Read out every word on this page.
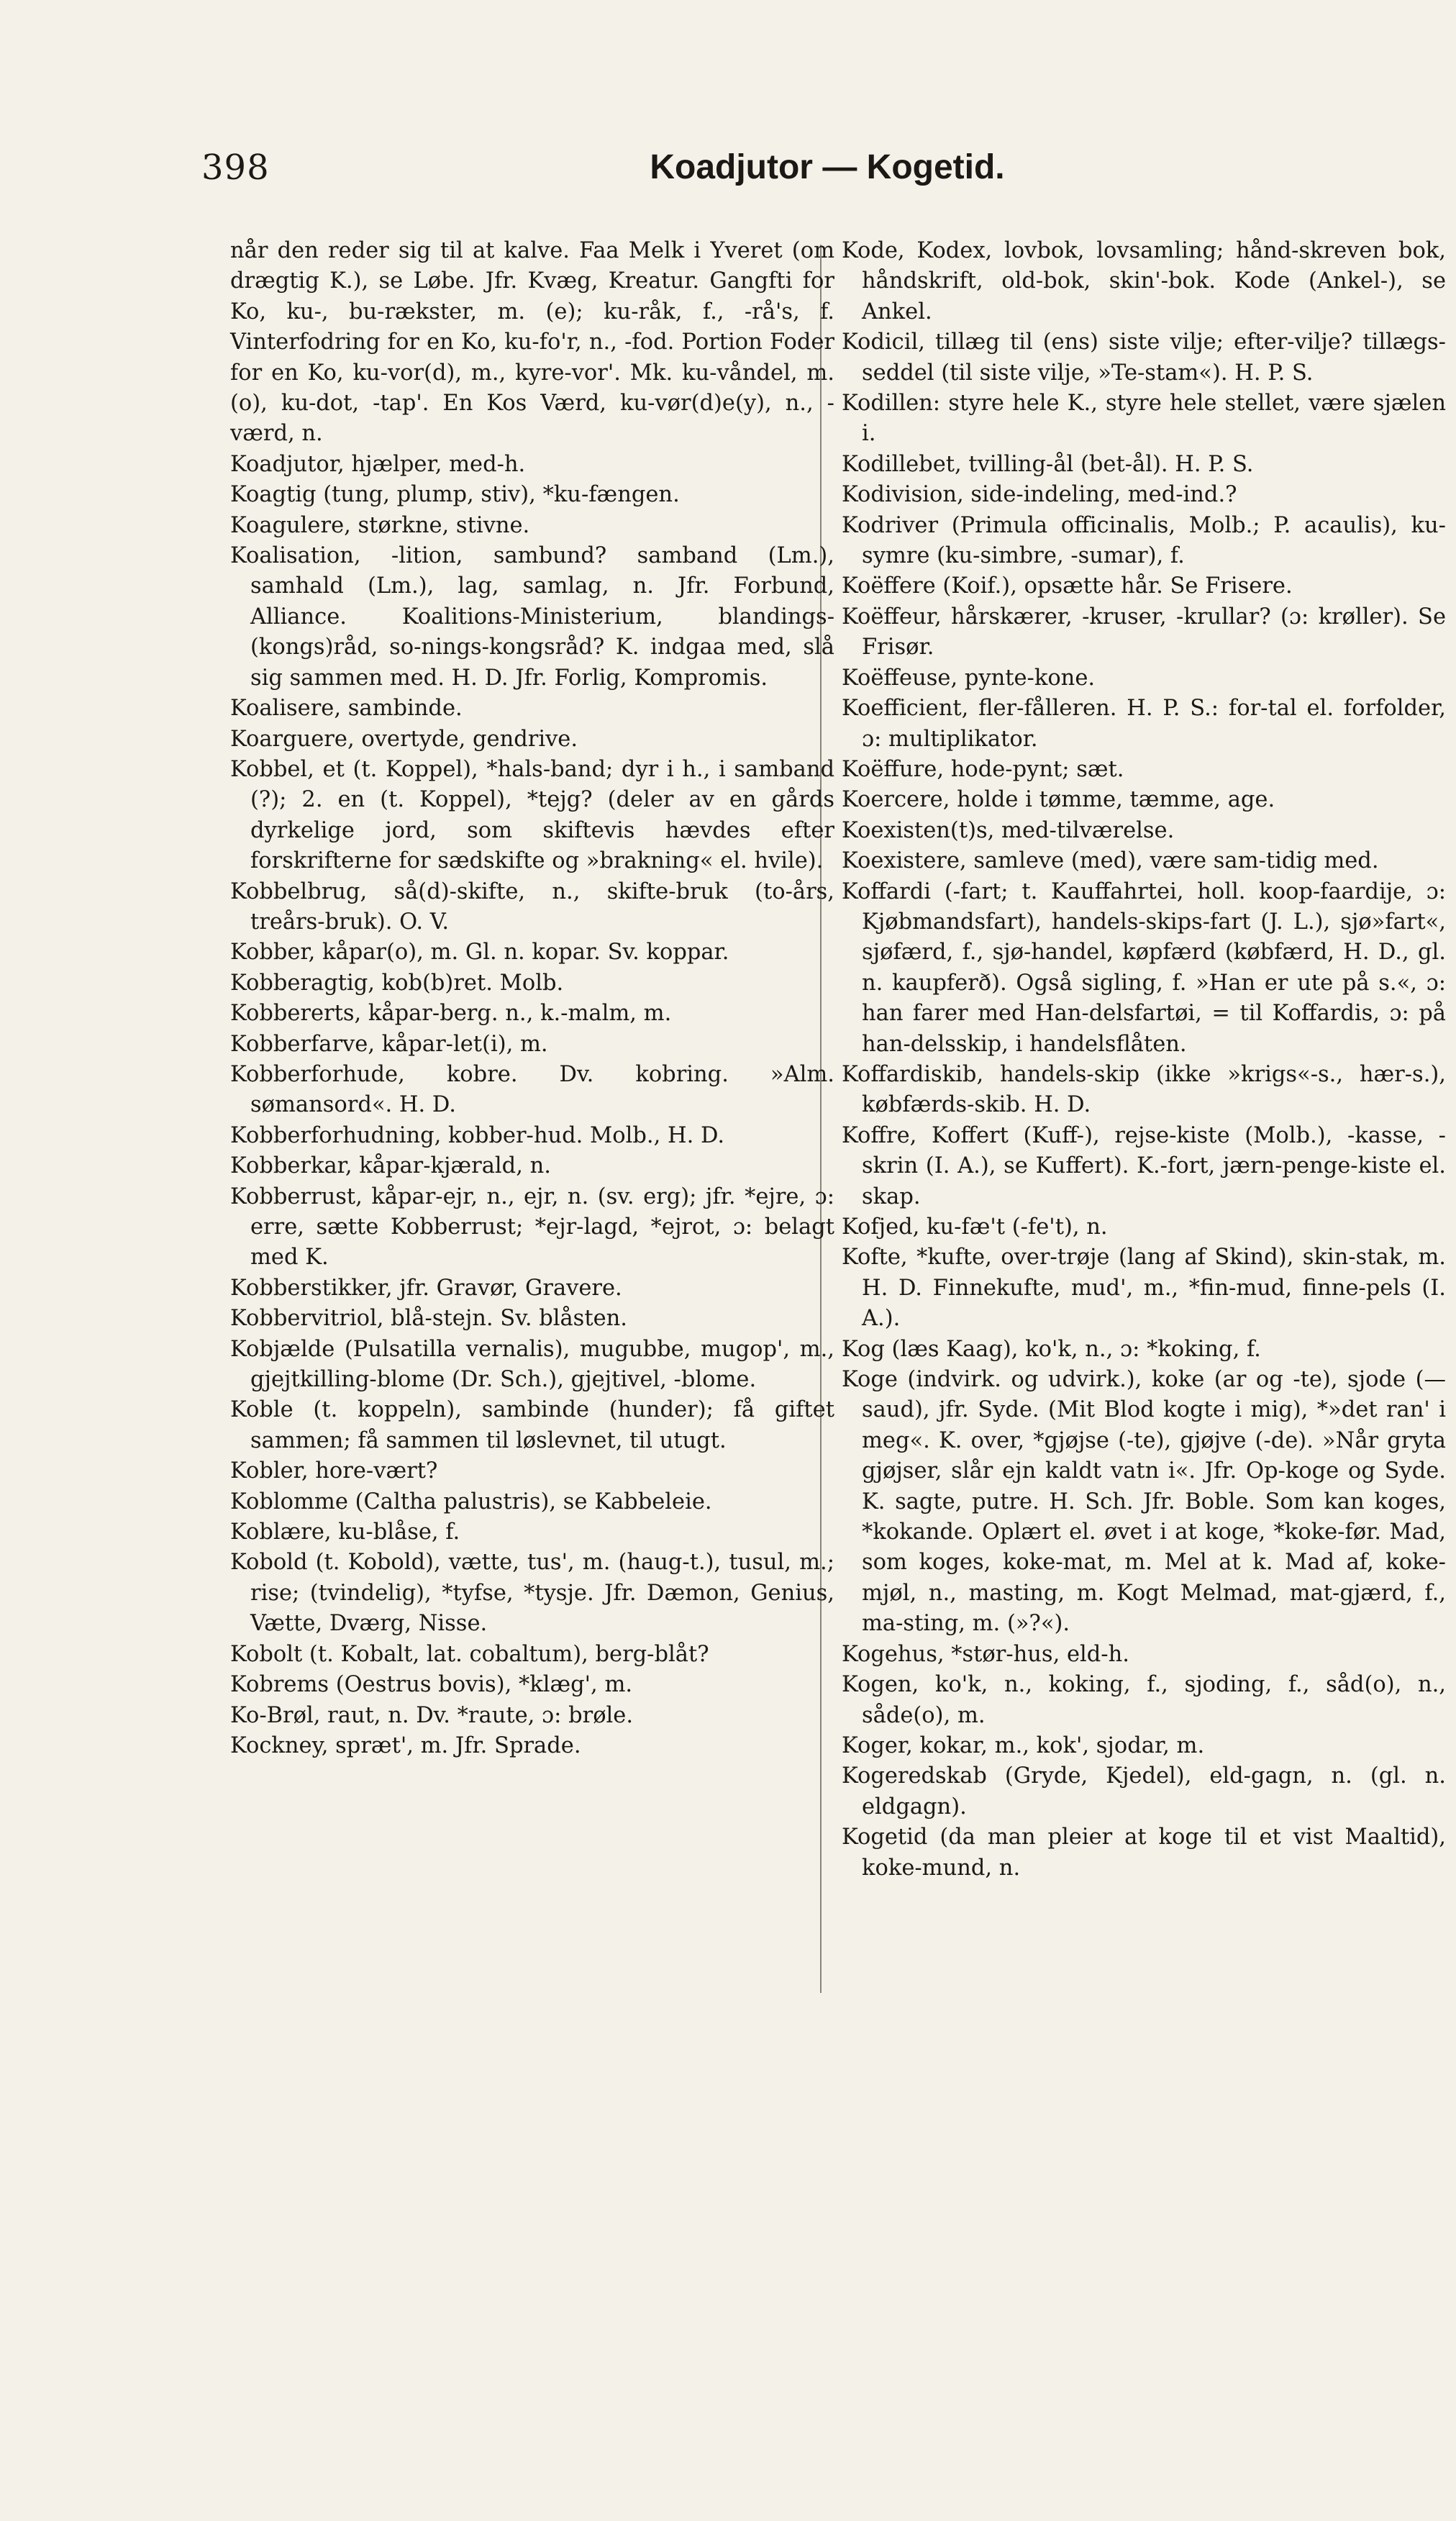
398	Koadjutor — Kogetid.

når den reder sig til at kalve. Faa Melk i Yveret (om drægtig K.), se Løbe. Jfr. Kvæg, Kreatur. Gangfti for Ko, ku-, bu-rækster, m. (e); ku-råk, f., -rå's, f. Vinterfodring for en Ko, ku-fo'r, n., -fod. Portion Foder for en Ko, ku-vor(d), m., kyre-vor'. Mk. ku-våndel, m. (o), ku-dot, -tap'. En Kos Værd, ku-vør(d)e(y), n., -værd, n.

Koadjutor, hjælper, med-h.

Koagtig (tung, plump, stiv), *ku-fængen.

Koagulere, størkne, stivne.

Koalisation, -lition, sambund? samband (Lm.), samhald (Lm.), lag, samlag, n. Jfr. Forbund, Alliance. Koalitions-Ministerium, blandings-(kongs)råd, so-nings-kongsråd? K. indgaa med, slå sig sammen med. H. D. Jfr. Forlig, Kompromis.

Koalisere, sambinde.

Koarguere, overtyde, gendrive.

Kobbel, et (t. Koppel), *hals-band; dyr i h., i samband (?); 2. en (t. Koppel), *tejg? (deler av en gårds dyrkelige jord, som skiftevis hævdes efter forskrifterne for sædskifte og »brakning« el. hvile).

Kobbelbrug, så(d)-skifte, n., skifte-bruk (to-års, treårs-bruk). O. V.

Kobber, kåpar(o), m. Gl. n. kopar. Sv. koppar.

Kobberagtig, kob(b)ret. Molb.

Kobbererts, kåpar-berg. n., k.-malm, m.

Kobberfarve, kåpar-let(i), m.

Kobberforhude, kobre. Dv. kobring. »Alm. sømansord«. H. D.

Kobberforhudning, kobber-hud. Molb., H. D.

Kobberkar, kåpar-kjærald, n.

Kobberrust, kåpar-ejr, n., ejr, n. (sv. erg); jfr. *ejre, ɔ: erre, sætte Kobberrust; *ejr-lagd, *ejrot, ɔ: belagt med K.

Kobberstikker, jfr. Gravør, Gravere.

Kobbervitriol, blå-stejn. Sv. blåsten.

Kobjælde (Pulsatilla vernalis), mugubbe, mugop', m., gjejtkilling-blome (Dr. Sch.), gjejtivel, -blome.

Koble (t. koppeln), sambinde (hunder); få giftet sammen; få sammen til løslevnet, til utugt.

Kobler, hore-vært?

Koblomme (Caltha palustris), se Kabbeleie.

Koblære, ku-blåse, f.

Kobold (t. Kobold), vætte, tus', m. (haug-t.), tusul, m.; rise; (tvindelig), *tyfse, *tysje. Jfr. Dæmon, Genius, Vætte, Dværg, Nisse.

Kobolt (t. Kobalt, lat. cobaltum), berg-blåt?

Kobrems (Oestrus bovis), *klæg', m.

Ko-Brøl, raut, n. Dv. *raute, ɔ: brøle.

Kockney, spræt', m. Jfr. Sprade.

Kode, Kodex, lovbok, lovsamling; hånd-skreven bok, håndskrift, old-bok, skin'-bok. Kode (Ankel-), se Ankel.

Kodicil, tillæg til (ens) siste vilje; efter-vilje? tillægs-seddel (til siste vilje, »Te-stam«). H. P. S.

Kodillen: styre hele K., styre hele stellet, være sjælen i.

Kodillebet, tvilling-ål (bet-ål). H. P. S.

Kodivision, side-indeling, med-ind.?

Kodriver (Primula officinalis, Molb.; P. acaulis), ku-symre (ku-simbre, -sumar), f.

Koëffere (Koif.), opsætte hår. Se Frisere.

Koëffeur, hårskærer, -kruser, -krullar? (ɔ: krøller). Se Frisør.

Koëffeuse, pynte-kone.

Koefficient, fler-fålleren. H. P. S.: for-tal el. forfolder, ɔ: multiplikator.

Koëffure, hode-pynt; sæt.

Koercere, holde i tømme, tæmme, age.

Koexisten(t)s, med-tilværelse.

Koexistere, samleve (med), være sam-tidig med.

Koffardi (-fart; t. Kauffahrtei, holl. koop-faardije, ɔ: Kjøbmandsfart), handels-skips-fart (J. L.), sjø»fart«, sjøfærd, f., sjø-handel, køpfærd (købfærd, H. D., gl. n. kaupferð). Også sigling, f. »Han er ute på s.«, ɔ: han farer med Han-delsfartøi, = til Koffardis, ɔ: på han-delsskip, i handelsflåten.

Koffardiskib, handels-skip (ikke »krigs«-s., hær-s.), købfærds-skib. H. D.

Koffre, Koffert (Kuff-), rejse-kiste (Molb.), -kasse, -skrin (I. A.), se Kuffert). K.-fort, jærn-penge-kiste el. skap.

Kofjed, ku-fæ't (-fe't), n.

Kofte, *kufte, over-trøje (lang af Skind), skin-stak, m. H. D. Finnekufte, mud', m., *fin-mud, finne-pels (I. A.).

Kog (læs Kaag), ko'k, n., ɔ: *koking, f.

Koge (indvirk. og udvirk.), koke (ar og -te), sjode (— saud), jfr. Syde. (Mit Blod kogte i mig), *»det ran' i meg«. K. over, *gjøjse (-te), gjøjve (-de). »Når gryta gjøjser, slår ejn kaldt vatn i«. Jfr. Op-koge og Syde. K. sagte, putre. H. Sch. Jfr. Boble. Som kan koges, *kokande. Oplært el. øvet i at koge, *koke-før. Mad, som koges, koke-mat, m. Mel at k. Mad af, koke-mjøl, n., masting, m. Kogt Melmad, mat-gjærd, f., ma-sting, m. (»?«).

Kogehus, *stør-hus, eld-h.

Kogen, ko'k, n., koking, f., sjoding, f., såd(o), n., såde(o), m.

Koger, kokar, m., kok', sjodar, m.

Kogeredskab (Gryde, Kjedel), eld-gagn, n. (gl. n. eldgagn).

Kogetid (da man pleier at koge til et vist Maaltid), koke-mund, n.
